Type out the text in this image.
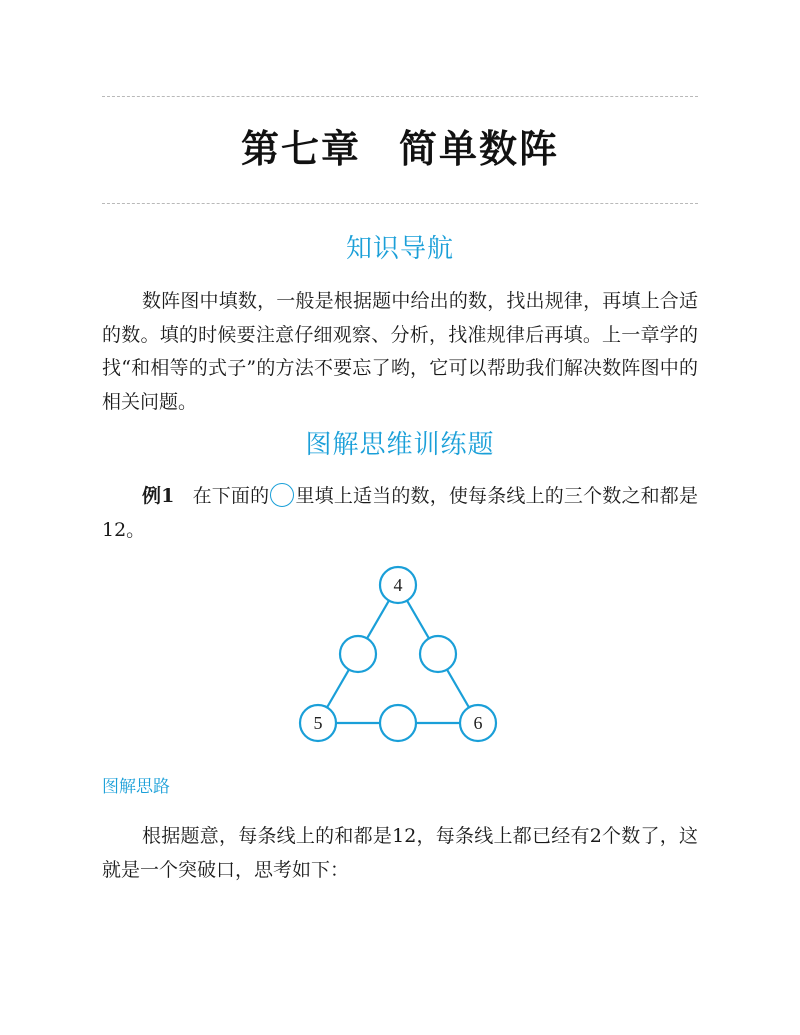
第七章 简单数阵
知识导航
数阵图中填数，一般是根据题中给出的数，找出规律，再填上合适的数。填的时候要注意仔细观察、分析，找准规律后再填。上一章学的找“和相等的式子”的方法不要忘了哟，它可以帮助我们解决数阵图中的相关问题。
图解思维训练题
例1 在下面的 里填上适当的数，使每条线上的三个数之和都是12。
4
5	6
图解思路
根据题意，每条线上的和都是12，每条线上都已经有2个数了，这就是一个突破口，思考如下：
